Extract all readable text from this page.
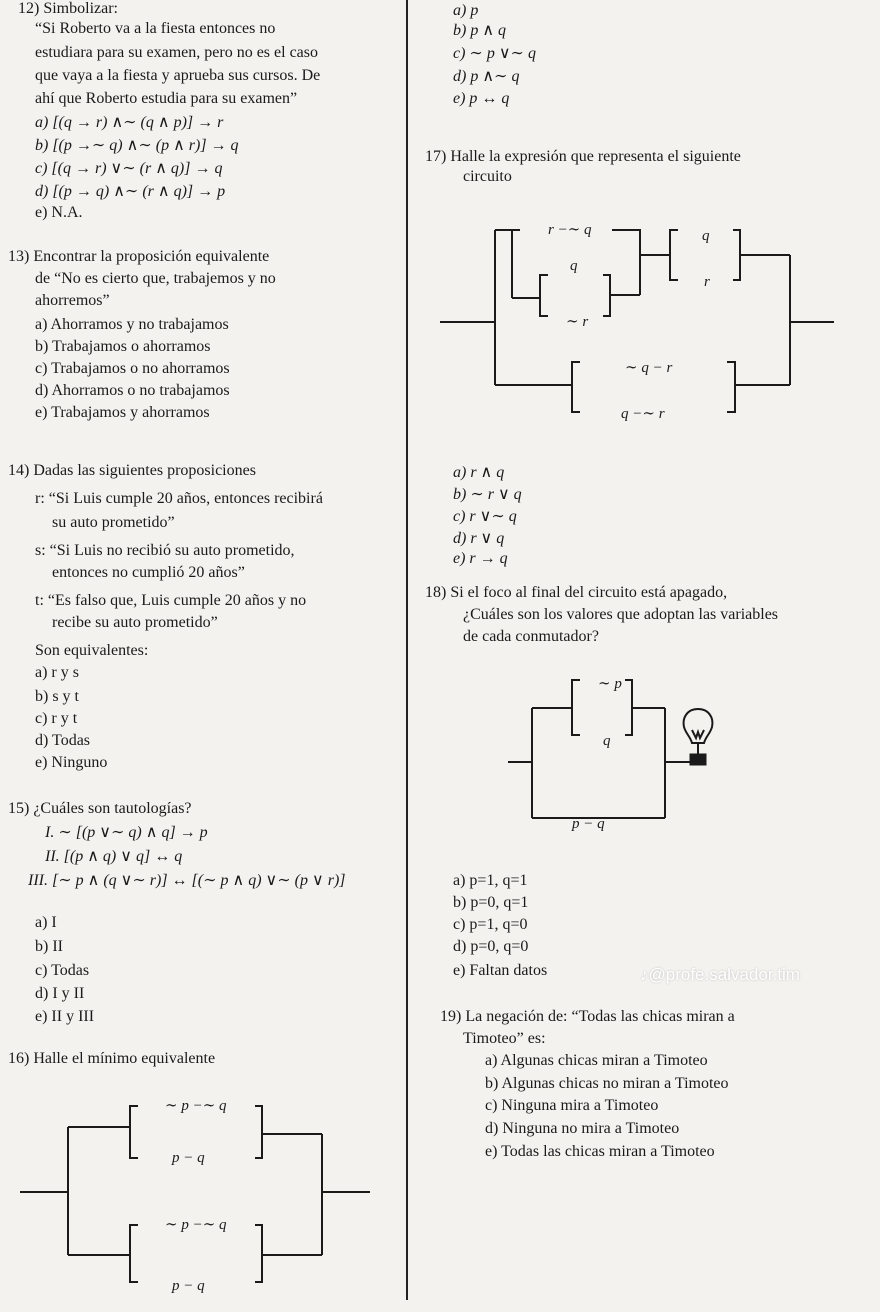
12) Simbolizar:
“Si Roberto va a la fiesta entonces no
estudiara para su examen, pero no es el caso
que vaya a la fiesta y aprueba sus cursos. De
ahí que Roberto estudia para su examen”
a) [(q → r) ∧∼ (q ∧ p)] → r
b) [(p →∼ q) ∧∼ (p ∧ r)] → q
c) [(q → r) ∨∼ (r ∧ q)] → q
d) [(p → q) ∧∼ (r ∧ q)] → p
e) N.A.
a) p
b) p ∧ q
c) ∼ p ∨∼ q
d) p ∧∼ q
e) p ↔ q
13) Encontrar la proposición equivalente
de “No es cierto que, trabajemos y no
ahorremos”
a) Ahorramos y no trabajamos
b) Trabajamos o ahorramos
c) Trabajamos o no ahorramos
d) Ahorramos o no trabajamos
e) Trabajamos y ahorramos
14) Dadas las siguientes proposiciones
r: “Si Luis cumple 20 años, entonces recibirá
su auto prometido”
s: “Si Luis no recibió su auto prometido,
entonces no cumplió 20 años”
t: “Es falso que, Luis cumple 20 años y no
recibe su auto prometido”
Son equivalentes:
a) r y s
b) s y t
c) r y t
d) Todas
e) Ninguno
15) ¿Cuáles son tautologías?
I. ∼ [(p ∨∼ q) ∧ q] → p
II. [(p ∧ q) ∨ q] ↔ q
III. [∼ p ∧ (q ∨∼ r)] ↔ [(∼ p ∧ q) ∨∼ (p ∨ r)]
a) I
b) II
c) Todas
d) I y II
e) II y III
16) Halle el mínimo equivalente
∼ p −∼ q
p − q
∼ p −∼ q
p − q
17) Halle la expresión que representa el siguiente
circuito
r −∼ q
q
q
r
∼ r
∼ q − r
q −∼ r
a) r ∧ q
b) ∼ r ∨ q
c) r ∨∼ q
d) r ∨ q
e) r → q
18) Si el foco al final del circuito está apagado,
¿Cuáles son los valores que adoptan las variables
de cada conmutador?
∼ p
q
p − q
a) p=1, q=1
b) p=0, q=1
c) p=1, q=0
d) p=0, q=0
e) Faltan datos	♪@profe.salvador.tim
19) La negación de: “Todas las chicas miran a
Timoteo” es:
a) Algunas chicas miran a Timoteo
b) Algunas chicas no miran a Timoteo
c) Ninguna mira a Timoteo
d) Ninguna no mira a Timoteo
e) Todas las chicas miran a Timoteo
